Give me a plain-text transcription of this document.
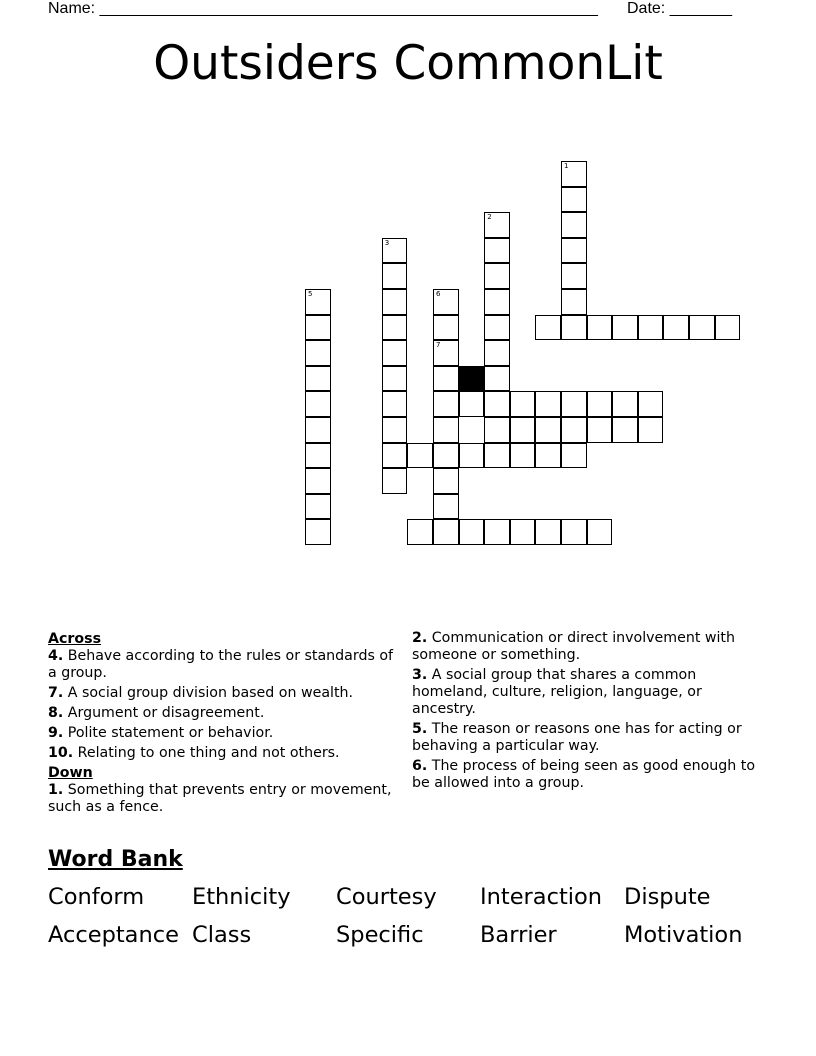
Name: ________________________________________________________ Date: _______
Outsiders CommonLit
1
2
3
5	6
7
Across
4. Behave according to the rules or standards of a group.
7. A social group division based on wealth.
8. Argument or disagreement.
9. Polite statement or behavior.
10. Relating to one thing and not others.
Down
1. Something that prevents entry or movement, such as a fence.
2. Communication or direct involvement with someone or something.
3. A social group that shares a common homeland, culture, religion, language, or ancestry.
5. The reason or reasons one has for acting or behaving a particular way.
6. The process of being seen as good enough to be allowed into a group.
Word Bank
Conform Ethnicity Courtesy Interaction Dispute
Acceptance Class	Specific	Barrier	Motivation
